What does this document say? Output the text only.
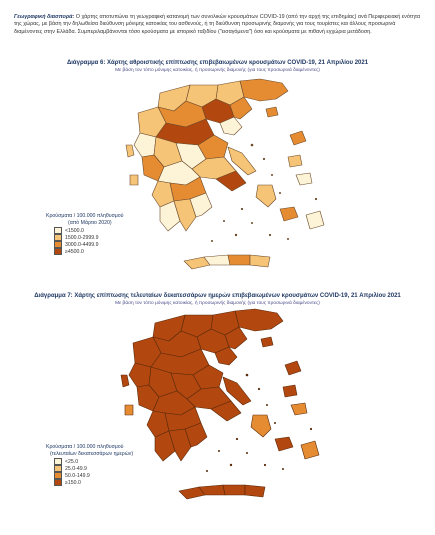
Γεωγραφική διασπορά: Ο χάρτης αποτυπώνει τη γεωγραφική κατανομή των συνολικών κρουσμάτων COVID-19 (από την αρχή της επιδημίας) ανά Περιφερειακή ενότητα της χώρας, με βάση την δηλωθείσα διεύθυνση μόνιμης κατοικίας του ασθενούς, ή τη διεύθυνση προσωρινής διαμονής για τους τουρίστες και άλλους προσωρινά διαμένοντες στην Ελλάδα. Συμπεριλαμβάνονται τόσο κρούσματα με ιστορικό ταξιδίου ("εισαγόμενα") όσο και κρούσματα με πιθανή εγχώρια μετάδοση.
Διάγραμμα 6: Χάρτης αθροιστικής επίπτωσης επιβεβαιωμένων κρουσμάτων COVID-19, 21 Απριλίου 2021
Με βάση τον τόπο μόνιμης κατοικίας, ή προσωρινής διαμονής (για τους προσωρινά διαμένοντες)
Κρούσματα / 100.000 πληθυσμού
(από Μάρτιο 2020)
<1500.0
1500.0-2999.9
3000.0-4499.9
≥4500.0
Διάγραμμα 7: Χάρτης επίπτωσης τελευταίων δεκατεσσάρων ημερών επιβεβαιωμένων κρουσμάτων COVID-19, 21 Απριλίου 2021
Με βάση τον τόπο μόνιμης κατοικίας, ή προσωρινής διαμονής (για τους προσωρινά διαμένοντες)
Κρούσματα / 100.000 πληθυσμού
(τελευταίων δεκατεσσάρων ημερών)
<25.0
25.0-49.9
50.0-149.9
≥150.0
